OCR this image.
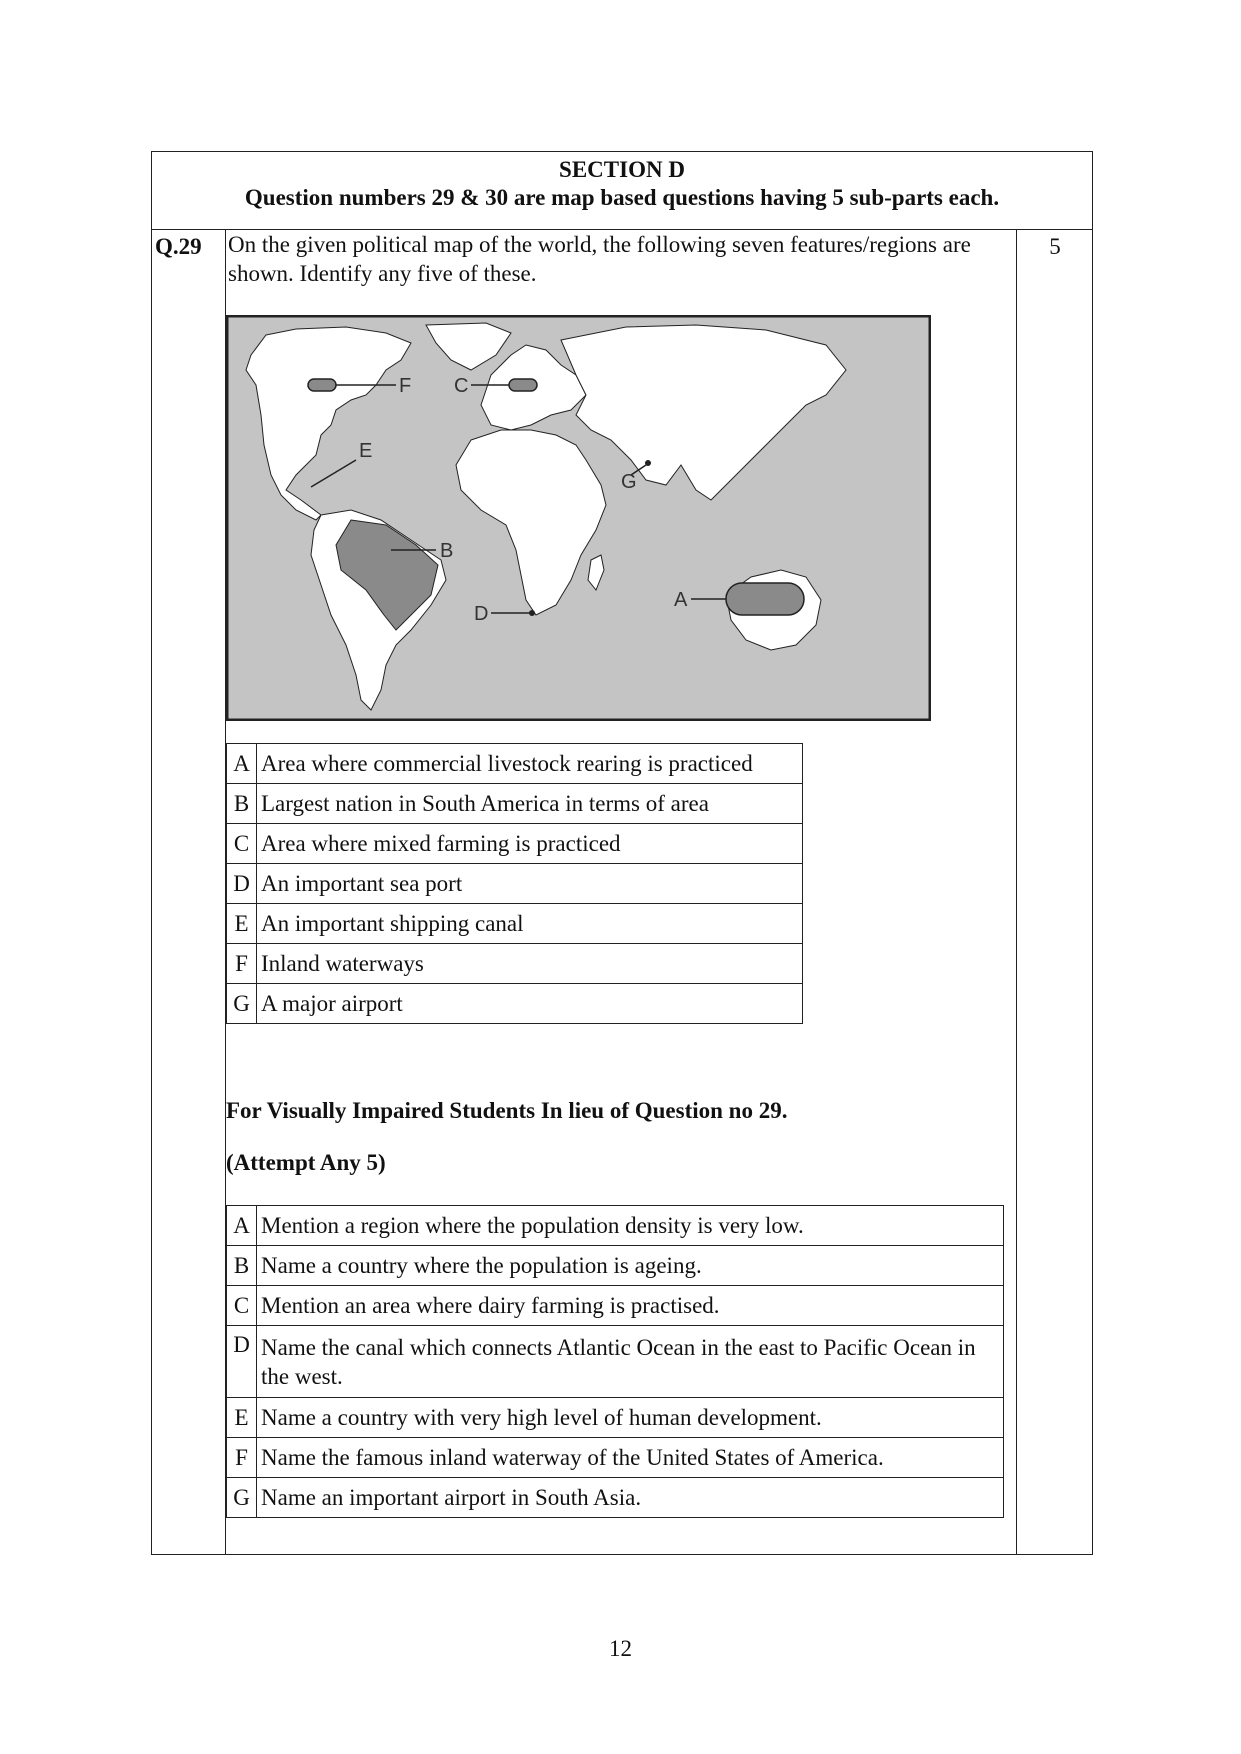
SECTION D
Question numbers 29 & 30 are map based questions having 5 sub-parts each.
Q.29	5
On the given political map of the world, the following seven features/regions are shown. Identify any five of these.
F C
E
B
D
A
G
A	Area where commercial livestock rearing is practiced
B	Largest nation in South America in terms of area
C	Area where mixed farming is practiced
D	An important sea port
E	An important shipping canal
F	Inland waterways
G	A major airport
For Visually Impaired Students In lieu of Question no 29.
(Attempt Any 5)
A	Mention a region where the population density is very low.
B	Name a country where the population is ageing.
C	Mention an area where dairy farming is practised.
D	Name the canal which connects Atlantic Ocean in the east to Pacific Ocean in the west.
E	Name a country with very high level of human development.
F	Name the famous inland waterway of the United States of America.
G	Name an important airport in South Asia.
12
